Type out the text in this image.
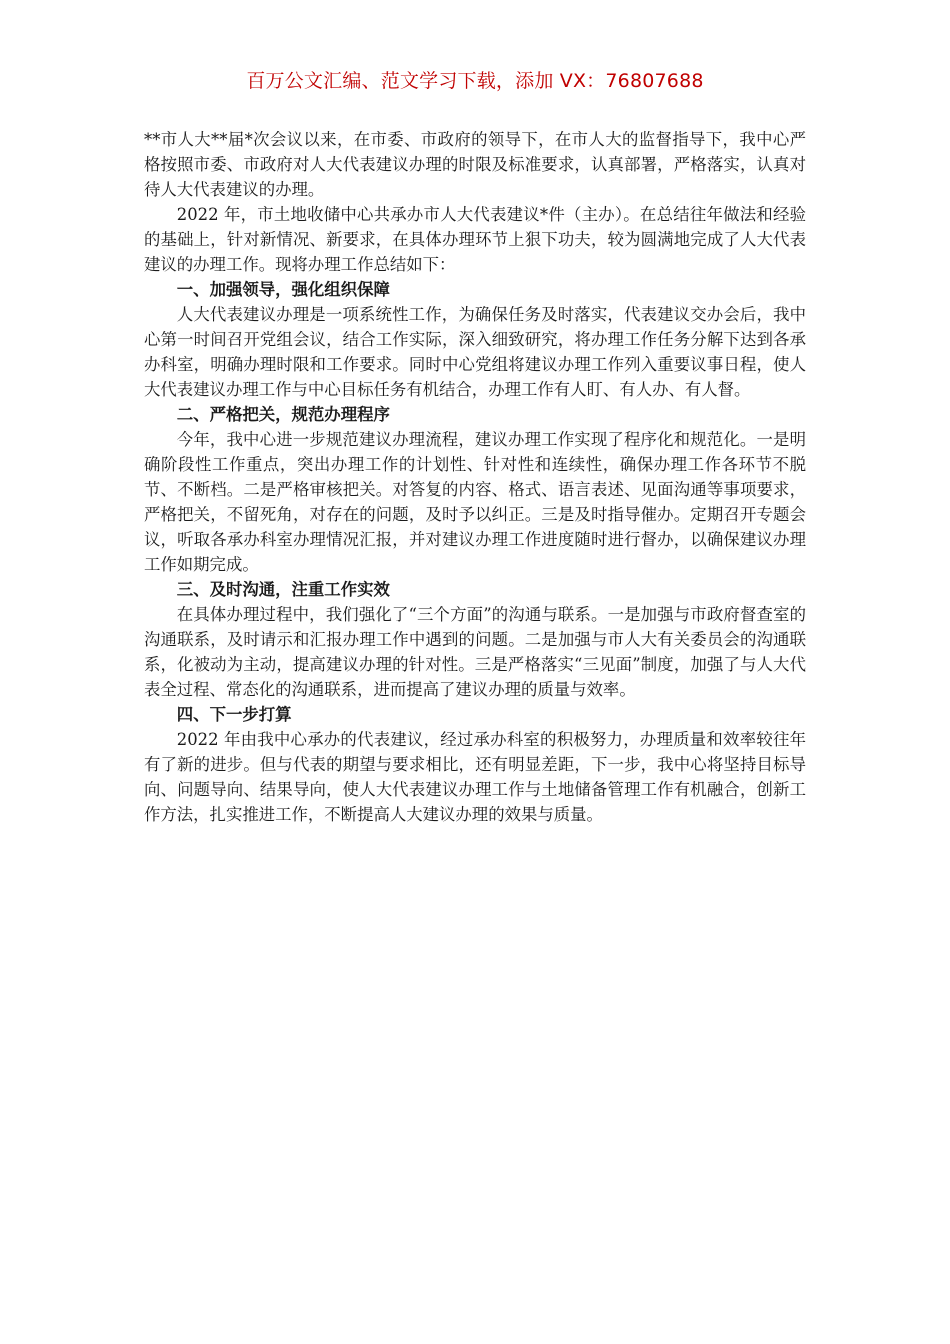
百万公文汇编、范文学习下载，添加 VX：76807688

**市人大**届*次会议以来，在市委、市政府的领导下，在市人大的监督指导下，我中心严格按照市委、市政府对人大代表建议办理的时限及标准要求，认真部署，严格落实，认真对待人大代表建议的办理。

2022 年，市土地收储中心共承办市人大代表建议*件（主办）。在总结往年做法和经验的基础上，针对新情况、新要求，在具体办理环节上狠下功夫，较为圆满地完成了人大代表建议的办理工作。现将办理工作总结如下：

一、加强领导，强化组织保障

人大代表建议办理是一项系统性工作，为确保任务及时落实，代表建议交办会后，我中心第一时间召开党组会议，结合工作实际，深入细致研究，将办理工作任务分解下达到各承办科室，明确办理时限和工作要求。同时中心党组将建议办理工作列入重要议事日程，使人大代表建议办理工作与中心目标任务有机结合，办理工作有人盯、有人办、有人督。

二、严格把关，规范办理程序

今年，我中心进一步规范建议办理流程，建议办理工作实现了程序化和规范化。一是明确阶段性工作重点，突出办理工作的计划性、针对性和连续性，确保办理工作各环节不脱节、不断档。二是严格审核把关。对答复的内容、格式、语言表述、见面沟通等事项要求，严格把关，不留死角，对存在的问题，及时予以纠正。三是及时指导催办。定期召开专题会议，听取各承办科室办理情况汇报，并对建议办理工作进度随时进行督办，以确保建议办理工作如期完成。

三、及时沟通，注重工作实效

在具体办理过程中，我们强化了“三个方面”的沟通与联系。一是加强与市政府督查室的沟通联系，及时请示和汇报办理工作中遇到的问题。二是加强与市人大有关委员会的沟通联系，化被动为主动，提高建议办理的针对性。三是严格落实“三见面”制度，加强了与人大代表全过程、常态化的沟通联系，进而提高了建议办理的质量与效率。

四、下一步打算

2022 年由我中心承办的代表建议，经过承办科室的积极努力，办理质量和效率较往年有了新的进步。但与代表的期望与要求相比，还有明显差距，下一步，我中心将坚持目标导向、问题导向、结果导向，使人大代表建议办理工作与土地储备管理工作有机融合，创新工作方法，扎实推进工作，不断提高人大建议办理的效果与质量。
